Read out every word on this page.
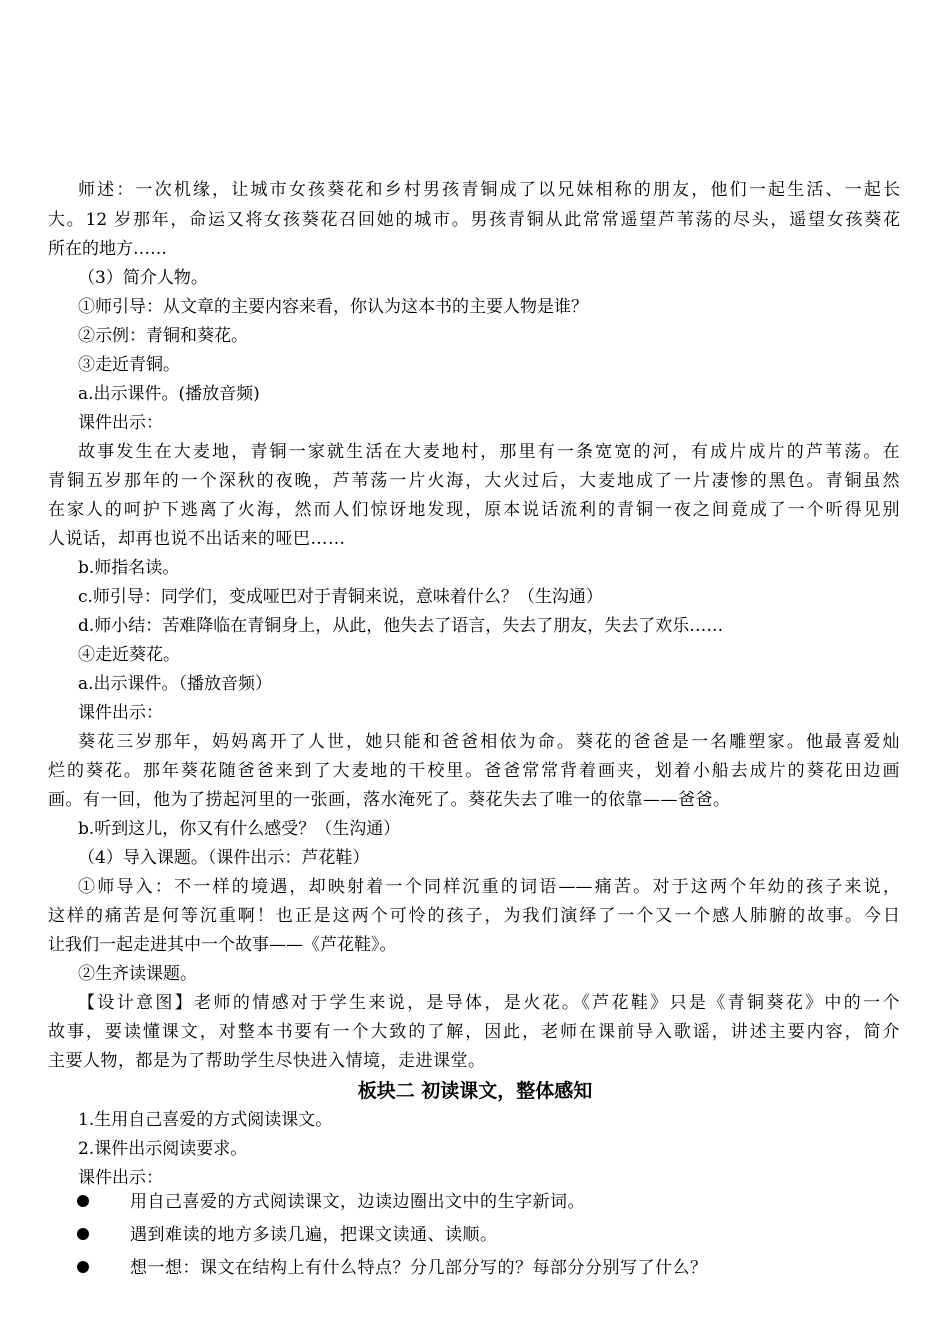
师述：一次机缘，让城市女孩葵花和乡村男孩青铜成了以兄妹相称的朋友，他们一起生活、一起长
大。12 岁那年，命运又将女孩葵花召回她的城市。男孩青铜从此常常遥望芦苇荡的尽头，遥望女孩葵花
所在的地方……
（3）简介人物。
①师引导：从文章的主要内容来看，你认为这本书的主要人物是谁？
②示例：青铜和葵花。
③走近青铜。
a.出示课件。(播放音频)
课件出示：
故事发生在大麦地，青铜一家就生活在大麦地村，那里有一条宽宽的河，有成片成片的芦苇荡。在
青铜五岁那年的一个深秋的夜晚，芦苇荡一片火海，大火过后，大麦地成了一片凄惨的黑色。青铜虽然
在家人的呵护下逃离了火海，然而人们惊讶地发现，原本说话流利的青铜一夜之间竟成了一个听得见别
人说话，却再也说不出话来的哑巴……
b.师指名读。
c.师引导：同学们，变成哑巴对于青铜来说，意味着什么？（生沟通）
d.师小结：苦难降临在青铜身上，从此，他失去了语言，失去了朋友，失去了欢乐……
④走近葵花。
a.出示课件。（播放音频）
课件出示：
葵花三岁那年，妈妈离开了人世，她只能和爸爸相依为命。葵花的爸爸是一名雕塑家。他最喜爱灿
烂的葵花。那年葵花随爸爸来到了大麦地的干校里。爸爸常常背着画夹，划着小船去成片的葵花田边画
画。有一回，他为了捞起河里的一张画，落水淹死了。葵花失去了唯一的依靠——爸爸。
b.听到这儿，你又有什么感受？（生沟通）
（4）导入课题。（课件出示：芦花鞋）
①师导入：不一样的境遇，却映射着一个同样沉重的词语——痛苦。对于这两个年幼的孩子来说，
这样的痛苦是何等沉重啊！也正是这两个可怜的孩子，为我们演绎了一个又一个感人肺腑的故事。今日
让我们一起走进其中一个故事——《芦花鞋》。
②生齐读课题。
【设计意图】老师的情感对于学生来说，是导体，是火花。《芦花鞋》只是《青铜葵花》中的一个
故事，要读懂课文，对整本书要有一个大致的了解，因此，老师在课前导入歌谣，讲述主要内容，简介
主要人物，都是为了帮助学生尽快进入情境，走进课堂。
板块二 初读课文，整体感知
1.生用自己喜爱的方式阅读课文。
2.课件出示阅读要求。
课件出示：
用自己喜爱的方式阅读课文，边读边圈出文中的生字新词。
遇到难读的地方多读几遍，把课文读通、读顺。
想一想：课文在结构上有什么特点？分几部分写的？每部分分别写了什么？
